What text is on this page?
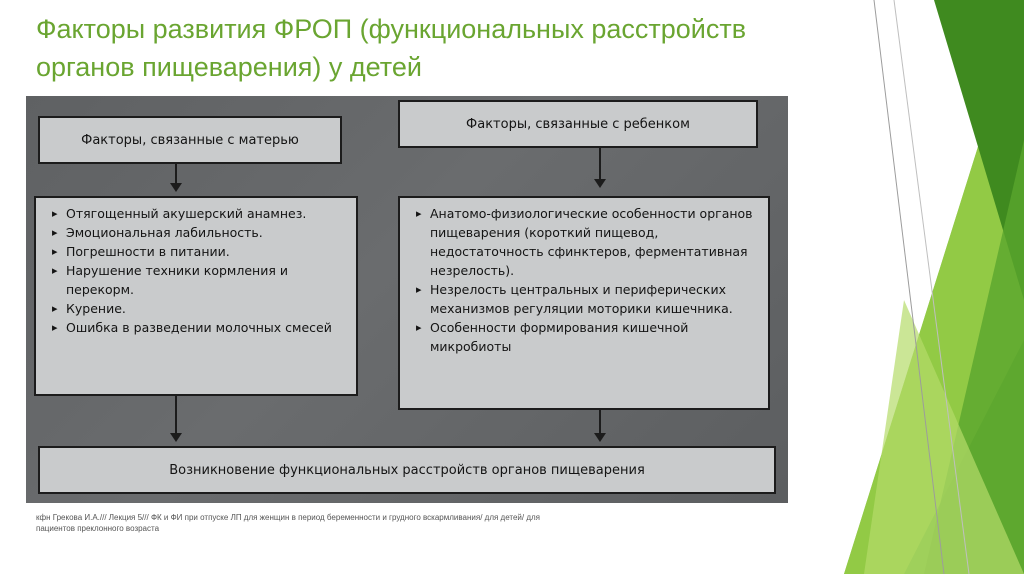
Факторы развития ФРОП (функциональных расстройств органов пищеварения) у детей
Факторы, связанные с матерью
Факторы, связанные с ребенком
▸ Отягощенный акушерский анамнез.
▸ Эмоциональная лабильность.
▸ Погрешности в питании.
▸ Нарушение техники кормления и перекорм.
▸ Курение.
▸ Ошибка в разведении молочных смесей
▸ Анатомо-физиологические особенности органов пищеварения (короткий пищевод, недостаточность сфинктеров, ферментативная незрелость).
▸ Незрелость центральных и периферических механизмов регуляции моторики кишечника.
▸ Особенности формирования кишечной микробиоты
Возникновение функциональных расстройств органов пищеварения
кфн Грекова И.А./// Лекция 5/// ФК и ФИ при отпуске ЛП для женщин в период беременности и грудного вскармливания/ для детей/ для пациентов преклонного возраста
